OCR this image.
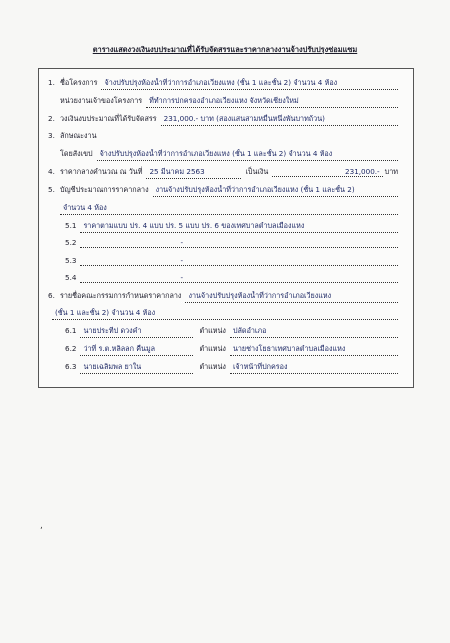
ตารางแสดงวงเงินงบประมาณที่ได้รับจัดสรรและราคากลางงานจ้างปรับปรุงซ่อมแซม
1. ชื่อโครงการ จ้างปรับปรุงห้องน้ำที่ว่าการอำเภอเวียงแหง (ชั้น 1 และชั้น 2) จำนวน 4 ห้อง
หน่วยงานเจ้าของโครงการ ที่ทำการปกครองอำเภอเวียงแหง จังหวัดเชียงใหม่
2. วงเงินงบประมาณที่ได้รับจัดสรร 231,000.- บาท (สองแสนสามหมื่นหนึ่งพันบาทถ้วน)
3. ลักษณะงาน
โดยสังเขป จ้างปรับปรุงห้องน้ำที่ว่าการอำเภอเวียงแหง (ชั้น 1 และชั้น 2) จำนวน 4 ห้อง
4. ราคากลางคำนวณ ณ วันที่ 25 มีนาคม 2563	เป็นเงิน	231,000.- บาท
5. บัญชีประมาณการราคากลาง งานจ้างปรับปรุงห้องน้ำที่ว่าการอำเภอเวียงแหง (ชั้น 1 และชั้น 2)
จำนวน 4 ห้อง
5.1 ราคาตามแบบ ปร. 4 แบบ ปร. 5 แบบ ปร. 6 ของเทศบาลตำบลเมืองแหง
5.2	-
5.3	-
5.4	-
6. รายชื่อคณะกรรมการกำหนดราคากลาง งานจ้างปรับปรุงห้องน้ำที่ว่าการอำเภอเวียงแหง
(ชั้น 1 และชั้น 2) จำนวน 4 ห้อง
6.1 นายประทีป ดวงคำ	ตำแหน่ง ปลัดอำเภอ
6.2 ว่าที่ ร.ต.หลิลลก คืนมูล	ตำแหน่ง นายช่างโยธาเทศบาลตำบลเมืองแหง
6.3 นายเฉลิมพล ยาใน	ตำแหน่ง เจ้าหน้าที่ปกครอง
,
